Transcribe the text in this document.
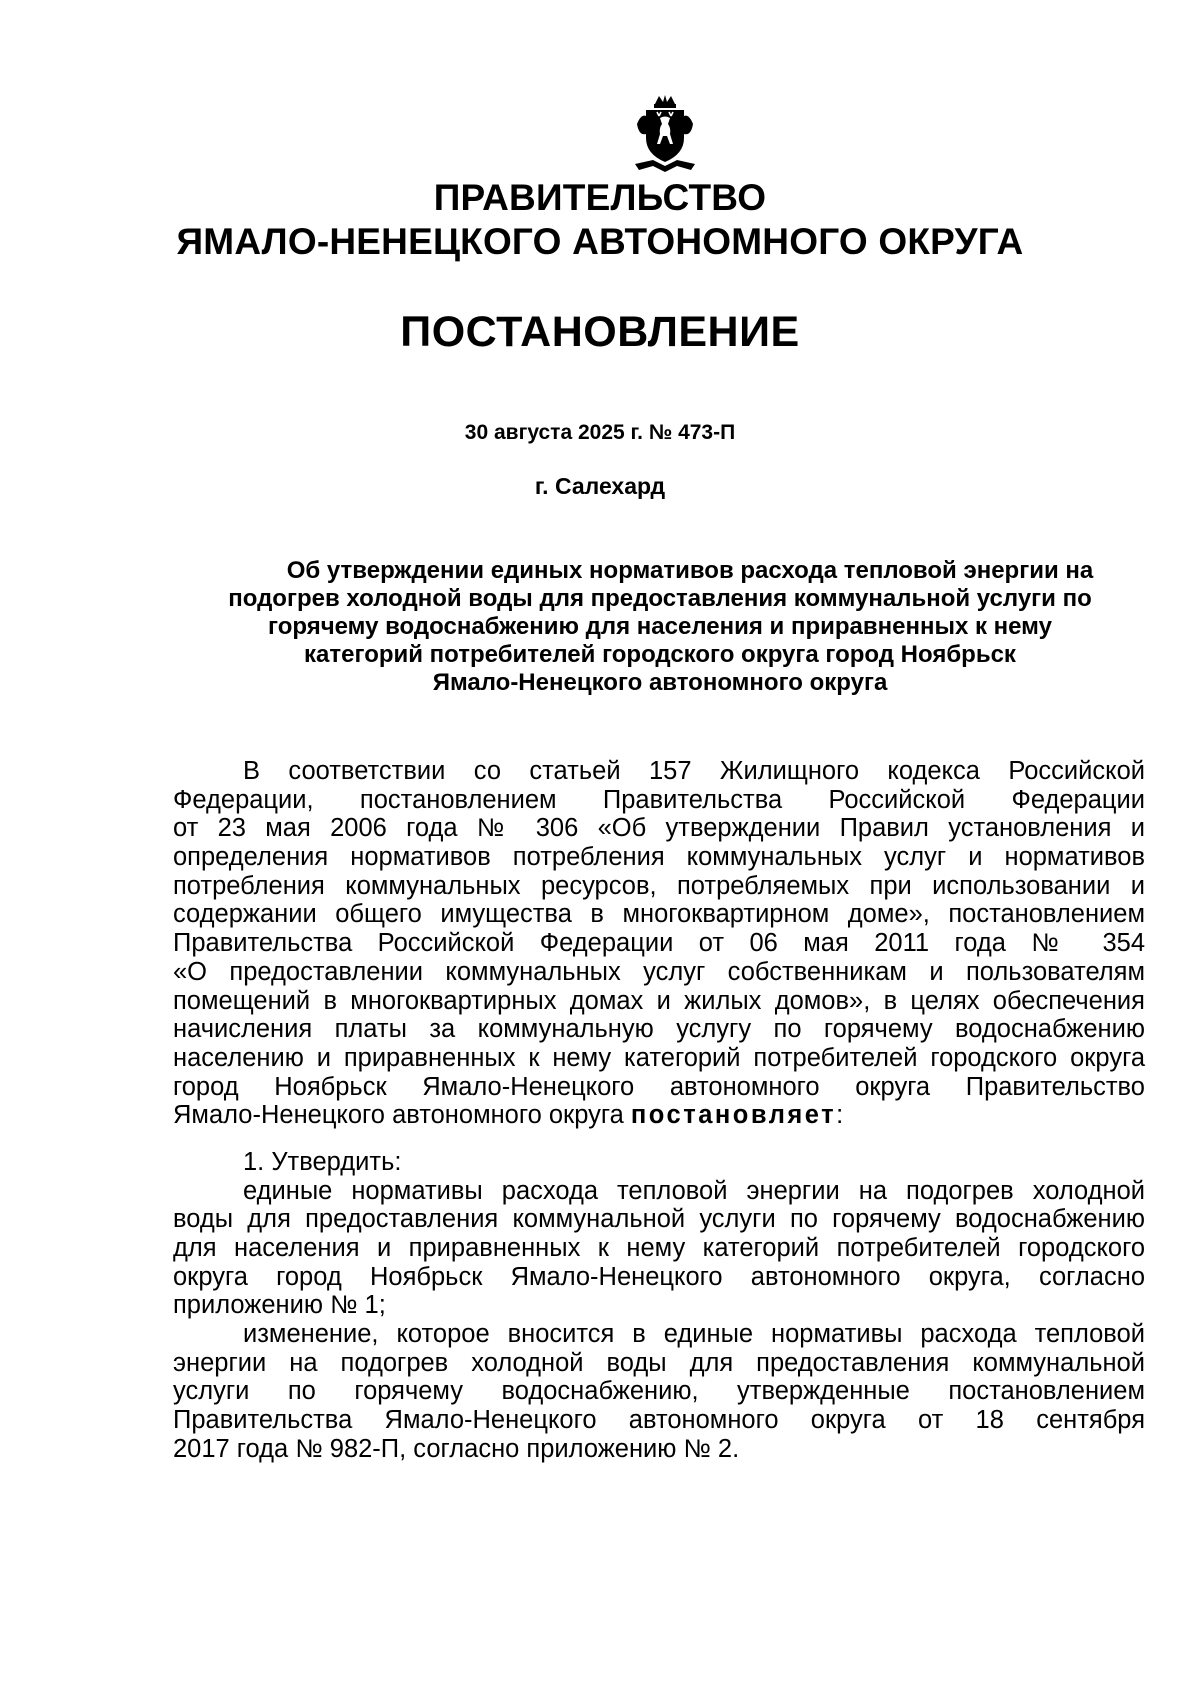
ПРАВИТЕЛЬСТВО
ЯМАЛО-НЕНЕЦКОГО АВТОНОМНОГО ОКРУГА
ПОСТАНОВЛЕНИЕ
30 августа 2025 г. № 473-П
г. Салехард
Об утверждении единых нормативов расхода тепловой энергии на
подогрев холодной воды для предоставления коммунальной услуги по
горячему водоснабжению для населения и приравненных к нему
категорий потребителей городского округа город Ноябрьск
Ямало-Ненецкого автономного округа
В соответствии со статьей 157 Жилищного кодекса Российской
Федерации, постановлением Правительства Российской Федерации
от 23 мая 2006 года № 306 «Об утверждении Правил установления и
определения нормативов потребления коммунальных услуг и нормативов
потребления коммунальных ресурсов, потребляемых при использовании и
содержании общего имущества в многоквартирном доме», постановлением
Правительства Российской Федерации от 06 мая 2011 года № 354
«О предоставлении коммунальных услуг собственникам и пользователям
помещений в многоквартирных домах и жилых домов», в целях обеспечения
начисления платы за коммунальную услугу по горячему водоснабжению
населению и приравненных к нему категорий потребителей городского округа
город Ноябрьск Ямало-Ненецкого автономного округа Правительство
Ямало-Ненецкого автономного округа постановляет:
1. Утвердить:
единые нормативы расхода тепловой энергии на подогрев холодной
воды для предоставления коммунальной услуги по горячему водоснабжению
для населения и приравненных к нему категорий потребителей городского
округа город Ноябрьск Ямало-Ненецкого автономного округа, согласно
приложению № 1;
изменение, которое вносится в единые нормативы расхода тепловой
энергии на подогрев холодной воды для предоставления коммунальной
услуги по горячему водоснабжению, утвержденные постановлением
Правительства Ямало-Ненецкого автономного округа от 18 сентября
2017 года № 982-П, согласно приложению № 2.
